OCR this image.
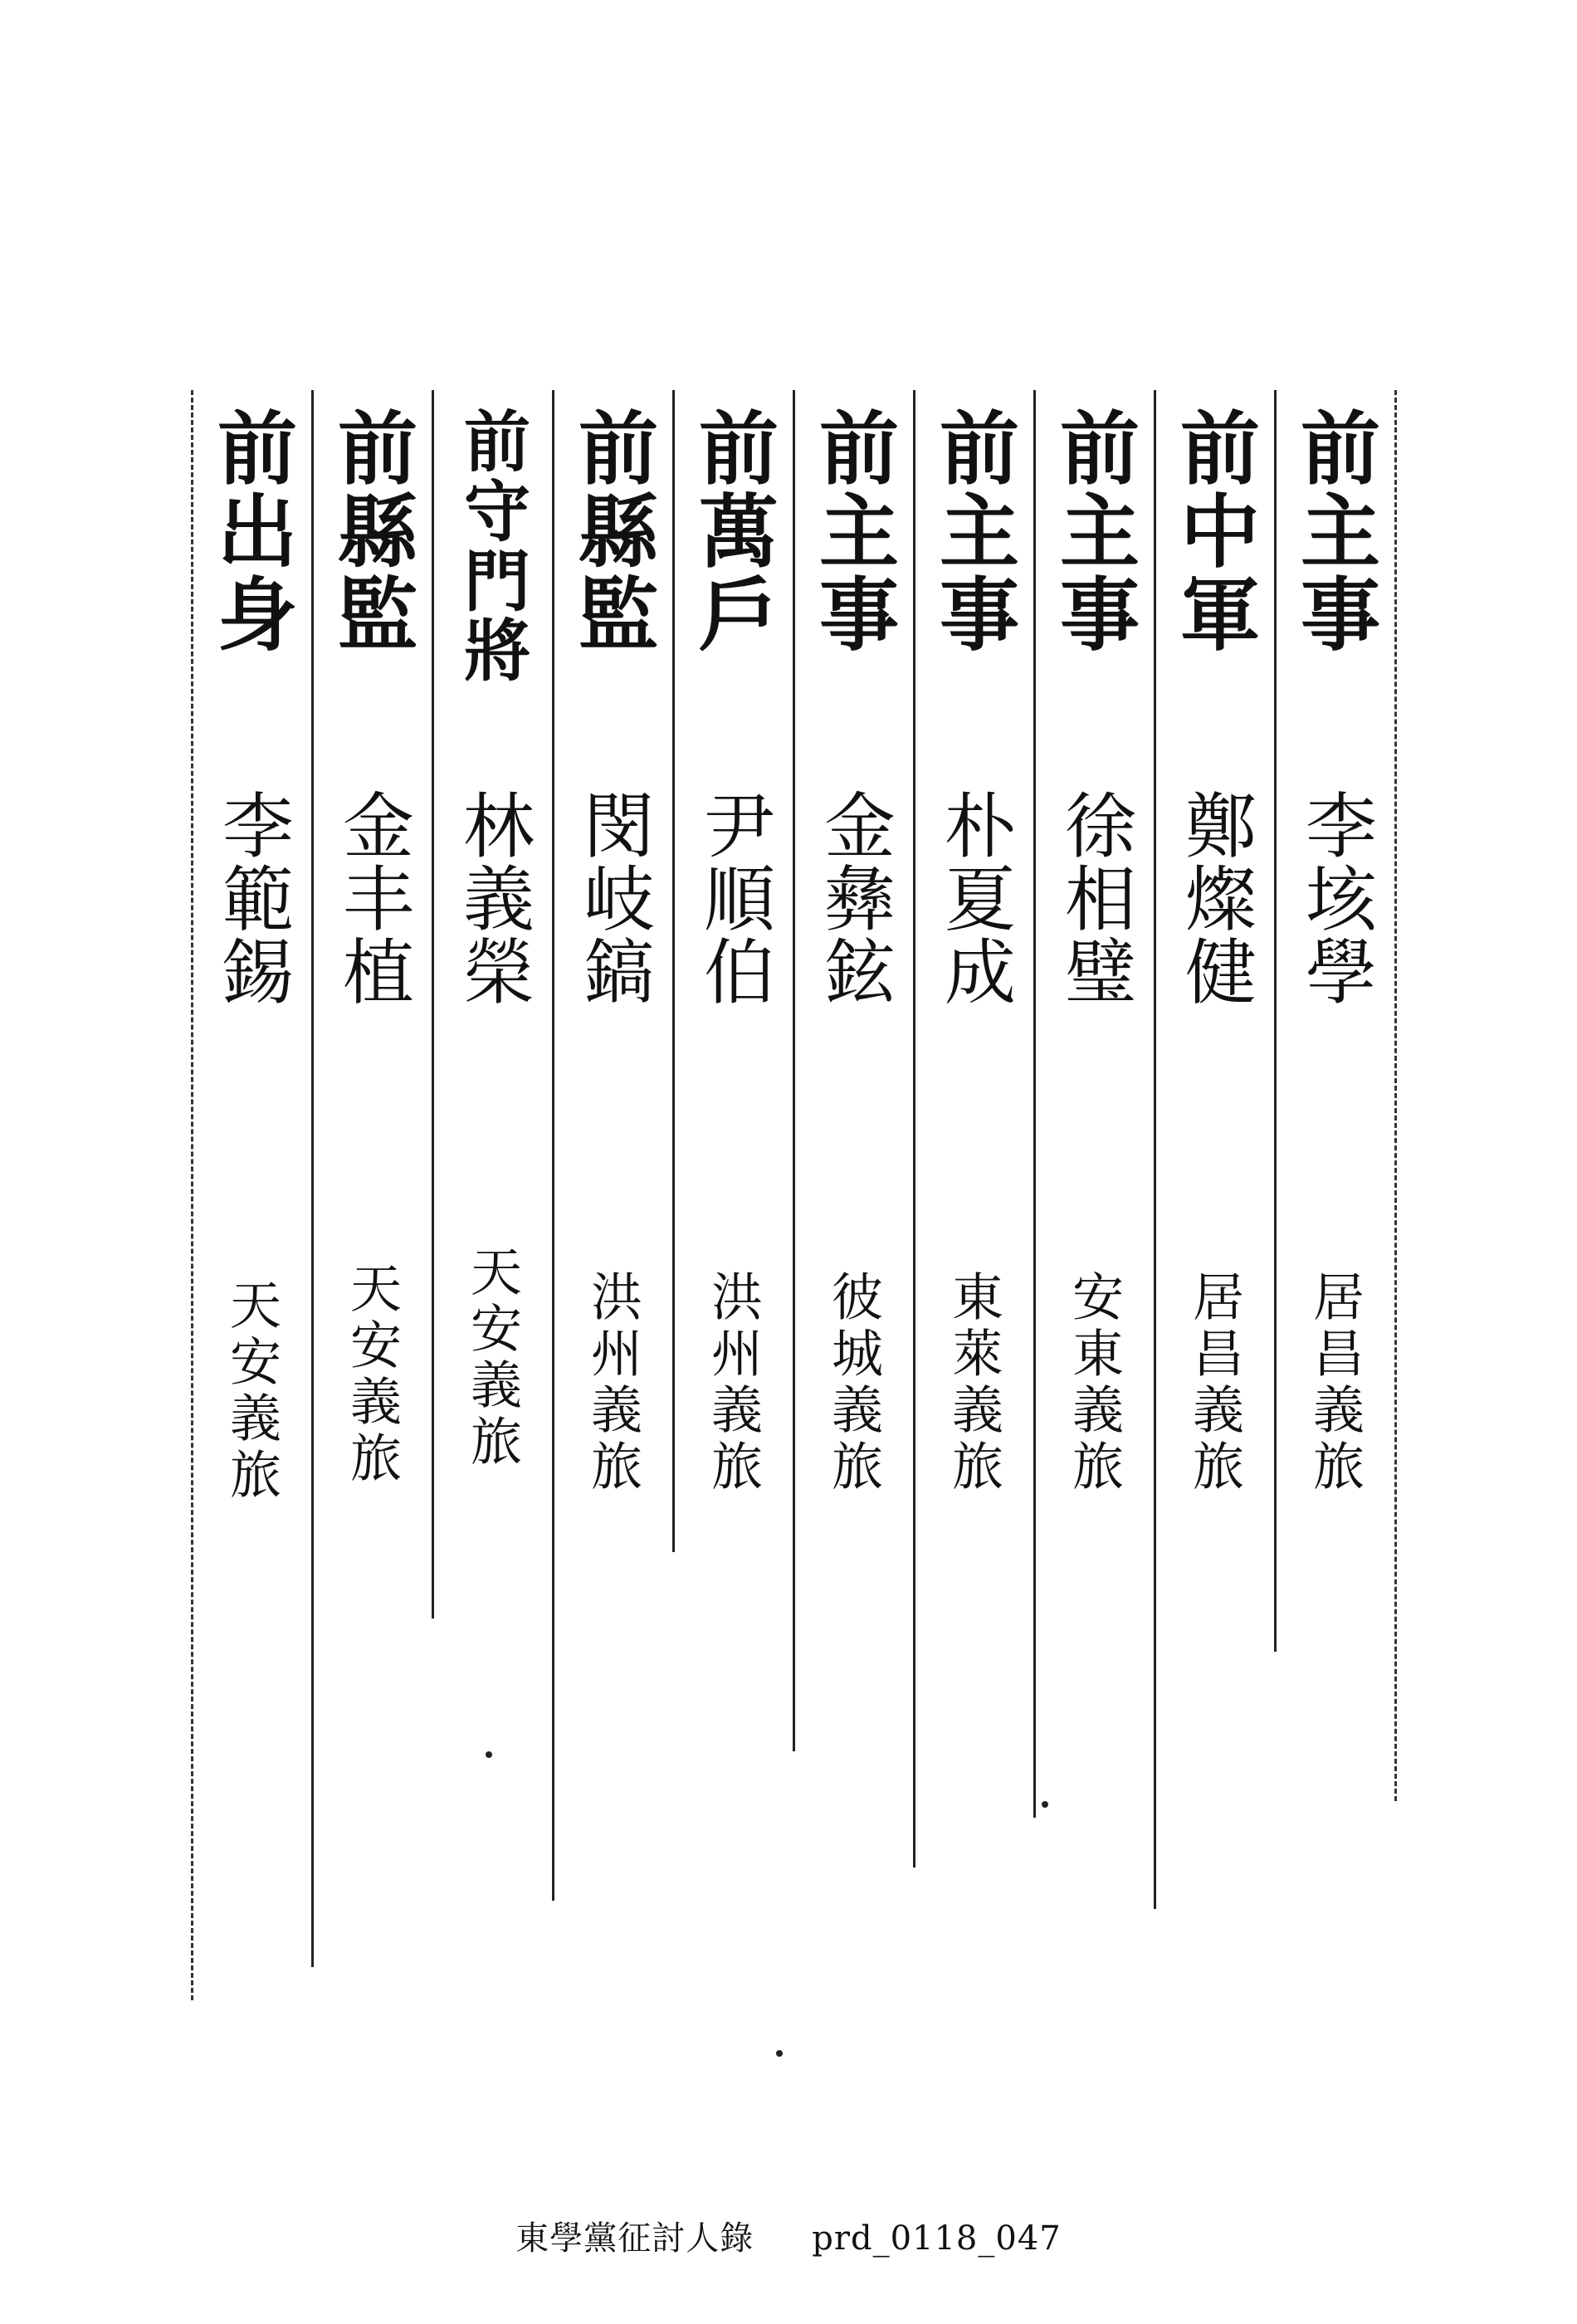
前主事
李垓學
居昌義旅
前中軍
鄭燦健
居昌義旅
前主事
徐相璧
安東義旅
前主事
朴夏成
東萊義旅
前主事
金彝鉉
彼城義旅
前萬戶
尹順伯
洪州義旅
前縣監
閔岐鎬
洪州義旅
前守門將
林義榮
天安義旅
前縣監
金丰植
天安義旅
前出身
李範錫
天安義旅
東學黨征討人錄 prd_0118_047
